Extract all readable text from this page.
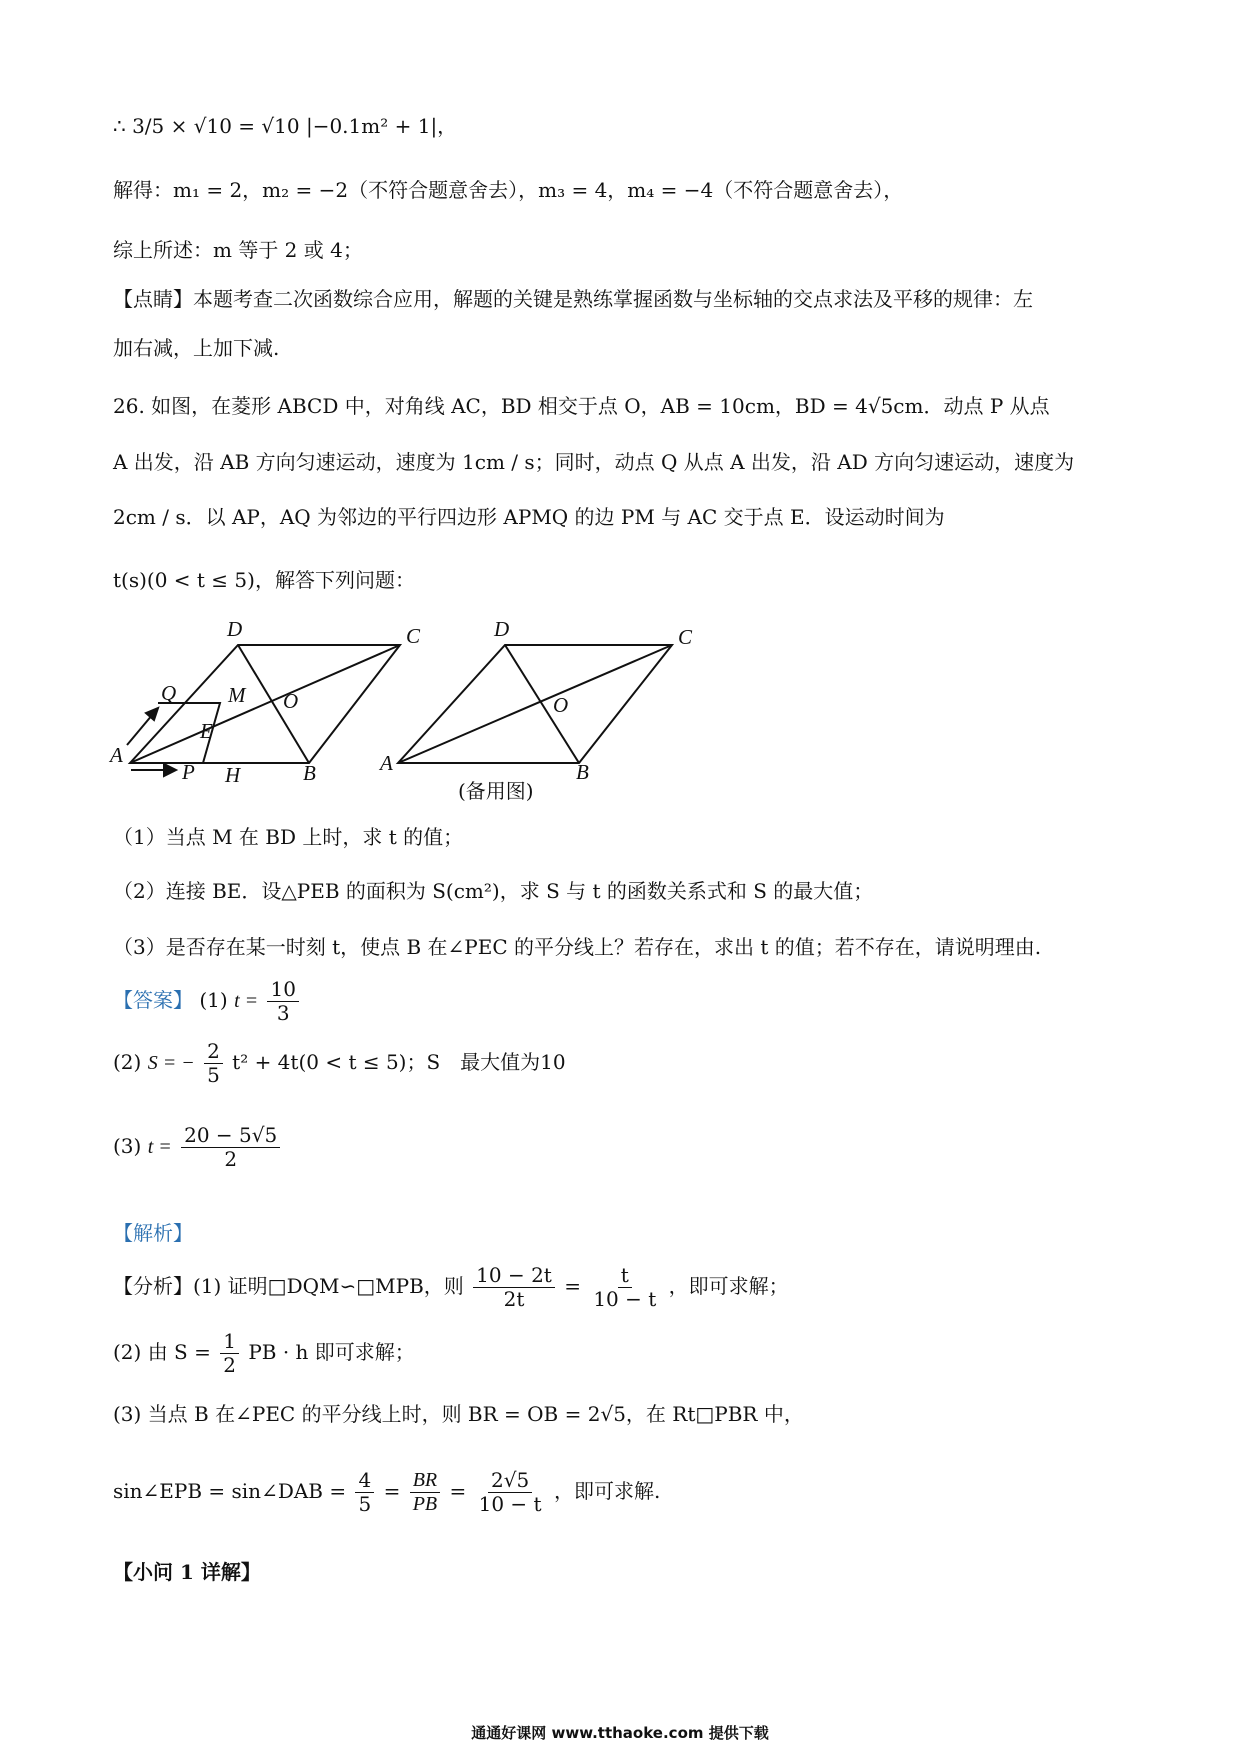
∴ 3/5 × √10 = √10 |−0.1m² + 1|，
解得：m₁ = 2，m₂ = −2（不符合题意舍去），m₃ = 4，m₄ = −4（不符合题意舍去），
综上所述：m 等于 2 或 4；
【点睛】本题考查二次函数综合应用，解题的关键是熟练掌握函数与坐标轴的交点求法及平移的规律：左
加右减，上加下减.
26. 如图，在菱形 ABCD 中，对角线 AC，BD 相交于点 O，AB = 10cm，BD = 4√5cm．动点 P 从点
A 出发，沿 AB 方向匀速运动，速度为 1cm / s；同时，动点 Q 从点 A 出发，沿 AD 方向匀速运动，速度为
2cm / s．以 AP，AQ 为邻边的平行四边形 APMQ 的边 PM 与 AC 交于点 E．设运动时间为
t(s)(0 < t ≤ 5)，解答下列问题：
D	C
Q M O
E
A
P H	B
D	C
O
A	B
(备用图)
（1）当点 M 在 BD 上时，求 t 的值；
（2）连接 BE．设△PEB 的面积为 S(cm²)，求 S 与 t 的函数关系式和 S 的最大值；
（3）是否存在某一时刻 t，使点 B 在∠PEC 的平分线上？若存在，求出 t 的值；若不存在，请说明理由.
【答案】 (1) $t = \frac{10}{3}$
(2) S = − $\frac{2}{5} t^2 + 4t(0 < t \le 5)$；S　最大值为10
(3) $t = \frac{20 - 5√5}{2}$
【解析】
【分析】(1) 证明□DQM∽□MPB，则 $\frac{10 - 2t}{2t} = \frac{t}{10 - t}$ ，即可求解；
(2) 由 $S = \frac{1}{2}$ PB · h 即可求解；
(3) 当点 B 在∠PEC 的平分线上时，则 BR = OB = 2√5，在 Rt□PBR 中，
sin∠EPB = sin∠DAB = $\frac{4}{5} = \frac{BR}{PB} = \frac{2√5}{10 - t}$ ，即可求解.
【小问 1 详解】
通通好课网 www.tthaoke.com 提供下载
